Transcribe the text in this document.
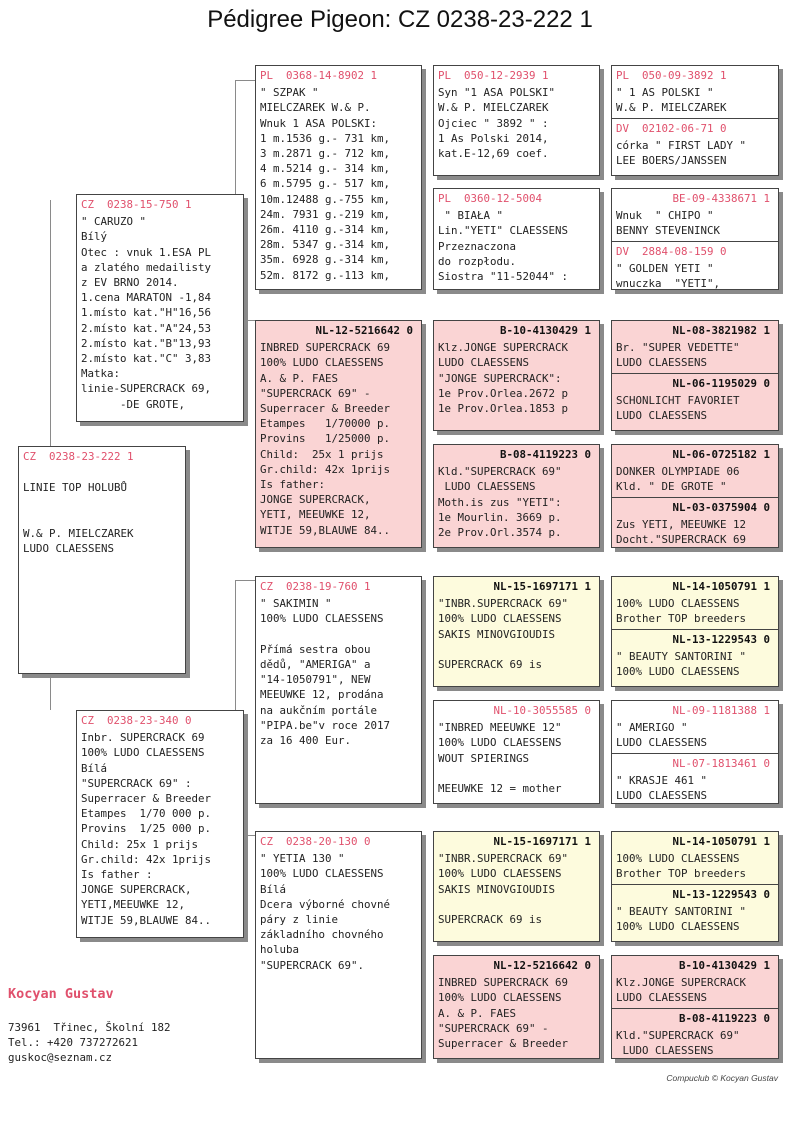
Pédigree Pigeon: CZ 0238-23-222 1
CZ  0238-23-222 1
LINIE TOP HOLUBŮ

W.& P. MIELCZAREK
LUDO CLAESSENS
CZ  0238-15-750 1
" CARUZO "
Bílý
Otec : vnuk 1.ESA PL
a zlatého medailisty
z EV BRNO 2014.
1.cena MARATON -1,84
1.místo kat."H"16,56
2.místo kat."A"24,53
2.místo kat."B"13,93
2.místo kat."C" 3,83
Matka:
linie-SUPERCRACK 69,
-DE GROTE,
CZ  0238-23-340 0
Inbr. SUPERCRACK 69
100% LUDO CLAESSENS
Bílá
"SUPERCRACK 69" :
Superracer & Breeder
Etampes  1/70 000 p.
Provins  1/25 000 p.
Child: 25x 1 prijs
Gr.child: 42x 1prijs
Is father :
JONGE SUPERCRACK,
YETI,MEEUWKE 12,
WITJE 59,BLAUWE 84..
PL  0368-14-8902 1
" SZPAK "
MIELCZAREK W.& P.
Wnuk 1 ASA POLSKI:
1 m.1536 g.- 731 km,
3 m.2871 g.- 712 km,
4 m.5214 g.- 314 km,
6 m.5795 g.- 517 km,
10m.12488 g.-755 km,
24m. 7931 g.-219 km,
26m. 4110 g.-314 km,
28m. 5347 g.-314 km,
35m. 6928 g.-314 km,
52m. 8172 g.-113 km,
NL-12-5216642 0
INBRED SUPERCRACK 69
100% LUDO CLAESSENS
A. & P. FAES
"SUPERCRACK 69" -
Superracer & Breeder
Etampes   1/70000 p.
Provins   1/25000 p.
Child:  25x 1 prijs
Gr.child: 42x 1prijs
Is father:
JONGE SUPERCRACK,
YETI, MEEUWKE 12,
WITJE 59,BLAUWE 84..
CZ  0238-19-760 1
" SAKIMIN "
100% LUDO CLAESSENS

Přímá sestra obou
dědů, "AMERIGA" a
"14-1050791", NEW
MEEUWKE 12, prodána
na aukčním portále
"PIPA.be"v roce 2017
za 16 400 Eur.
CZ  0238-20-130 0
" YETIA 130 "
100% LUDO CLAESSENS
Bílá
Dcera výborné chovné
páry z linie
základního chovného
holuba
"SUPERCRACK 69".
PL  050-12-2939 1
Syn "1 ASA POLSKI"
W.& P. MIELCZAREK
Ojciec " 3892 " :
1 As Polski 2014,
kat.E-12,69 coef.
PL  0360-12-5004
" BIAŁA "
Lin."YETI" CLAESSENS
Przeznaczona
do rozpłodu.
Siostra "11-52044" :
B-10-4130429 1
Klz.JONGE SUPERCRACK
LUDO CLAESSENS
"JONGE SUPERCRACK":
1e Prov.Orlea.2672 p
1e Prov.Orlea.1853 p
B-08-4119223 0
Kld."SUPERCRACK 69"
LUDO CLAESSENS
Moth.is zus "YETI":
1e Mourlin. 3669 p.
2e Prov.Orl.3574 p.
NL-15-1697171 1
"INBR.SUPERCRACK 69"
100% LUDO CLAESSENS
SAKIS MINOVGIOUDIS

SUPERCRACK 69 is
NL-10-3055585 0
"INBRED MEEUWKE 12"
100% LUDO CLAESSENS
WOUT SPIERINGS

MEEUWKE 12 = mother
NL-15-1697171 1
"INBR.SUPERCRACK 69"
100% LUDO CLAESSENS
SAKIS MINOVGIOUDIS

SUPERCRACK 69 is
NL-12-5216642 0
INBRED SUPERCRACK 69
100% LUDO CLAESSENS
A. & P. FAES
"SUPERCRACK 69" -
Superracer & Breeder
PL  050-09-3892 1
" 1 AS POLSKI "
W.& P. MIELCZAREK
DV  02102-06-71 0
córka " FIRST LADY "
LEE BOERS/JANSSEN
BE-09-4338671 1
Wnuk  " CHIPO "
BENNY STEVENINCK
DV  2884-08-159 0
" GOLDEN YETI "
wnuczka  "YETI",
NL-08-3821982 1
Br. "SUPER VEDETTE"
LUDO CLAESSENS
NL-06-1195029 0
SCHONLICHT FAVORIET
LUDO CLAESSENS
NL-06-0725182 1
DONKER OLYMPIADE 06
Kld. " DE GROTE "
NL-03-0375904 0
Zus YETI, MEEUWKE 12
Docht."SUPERCRACK 69
NL-14-1050791 1
100% LUDO CLAESSENS
Brother TOP breeders
NL-13-1229543 0
" BEAUTY SANTORINI "
100% LUDO CLAESSENS
NL-09-1181388 1
" AMERIGO "
LUDO CLAESSENS
NL-07-1813461 0
" KRASJE 461 "
LUDO CLAESSENS
NL-14-1050791 1
100% LUDO CLAESSENS
Brother TOP breeders
NL-13-1229543 0
" BEAUTY SANTORINI "
100% LUDO CLAESSENS
B-10-4130429 1
Klz.JONGE SUPERCRACK
LUDO CLAESSENS
B-08-4119223 0
Kld."SUPERCRACK 69"
LUDO CLAESSENS
Kocyan Gustav
73961  Třinec, Školní 182
Tel.: +420 737272621
guskoc@seznam.cz
Compuclub © Kocyan Gustav
